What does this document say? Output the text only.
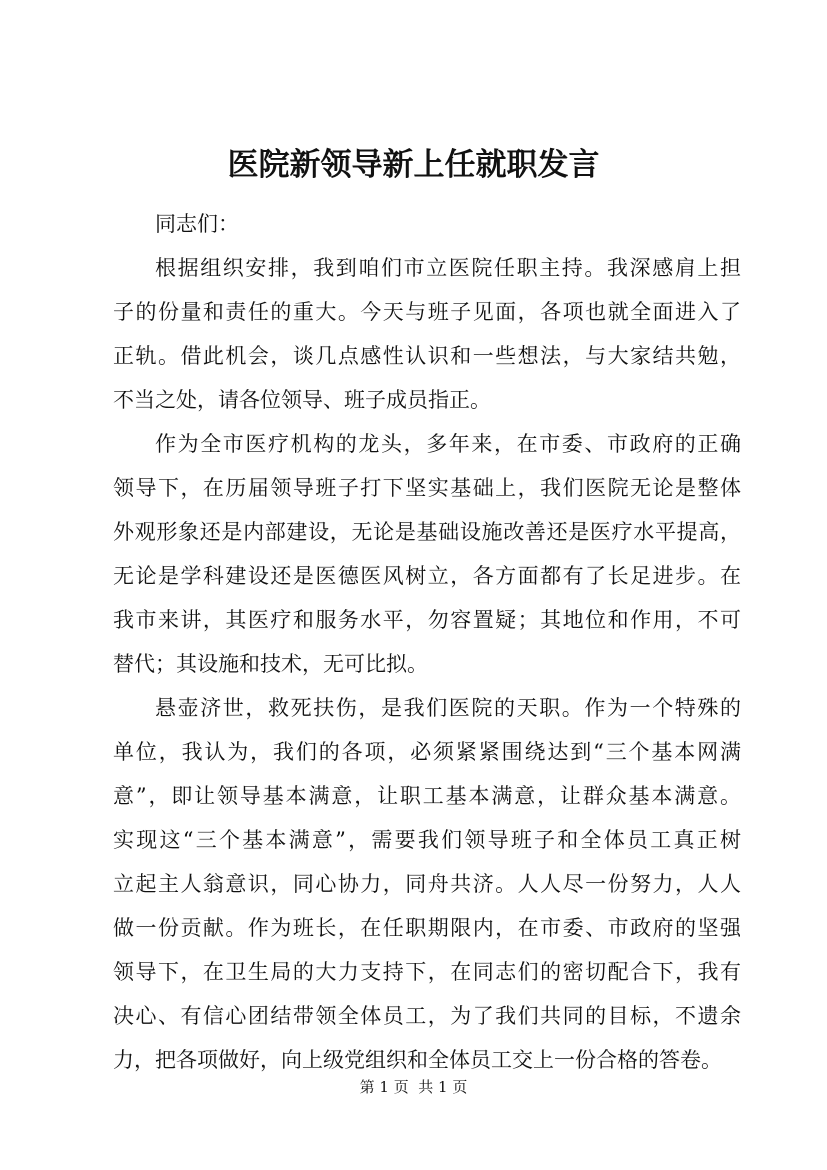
医院新领导新上任就职发言
同志们：
根据组织安排，我到咱们市立医院任职主持。我深感肩上担
子的份量和责任的重大。今天与班子见面，各项也就全面进入了
正轨。借此机会，谈几点感性认识和一些想法，与大家结共勉，
不当之处，请各位领导、班子成员指正。
作为全市医疗机构的龙头，多年来，在市委、市政府的正确
领导下，在历届领导班子打下坚实基础上，我们医院无论是整体
外观形象还是内部建设，无论是基础设施改善还是医疗水平提高，
无论是学科建设还是医德医风树立，各方面都有了长足进步。在
我市来讲，其医疗和服务水平，勿容置疑；其地位和作用，不可
替代；其设施和技术，无可比拟。
悬壶济世，救死扶伤，是我们医院的天职。作为一个特殊的
单位，我认为，我们的各项，必须紧紧围绕达到“三个基本网满
意”，即让领导基本满意，让职工基本满意，让群众基本满意。
实现这“三个基本满意”，需要我们领导班子和全体员工真正树
立起主人翁意识，同心协力，同舟共济。人人尽一份努力，人人
做一份贡献。作为班长，在任职期限内，在市委、市政府的坚强
领导下，在卫生局的大力支持下，在同志们的密切配合下，我有
决心、有信心团结带领全体员工，为了我们共同的目标，不遗余
力，把各项做好，向上级党组织和全体员工交上一份合格的答卷。
第 1 页  共 1 页
